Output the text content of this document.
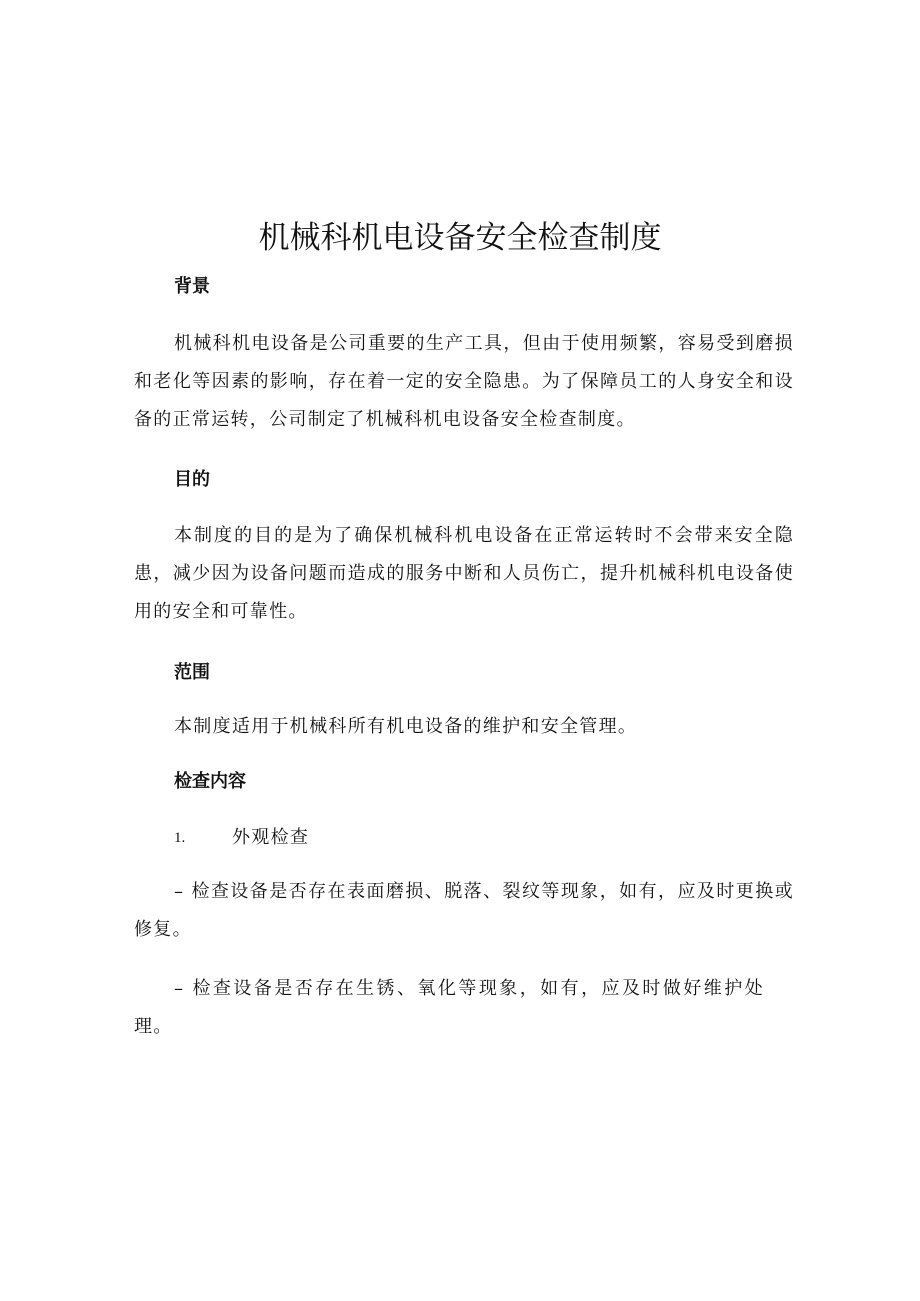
机械科机电设备安全检查制度
背景

机械科机电设备是公司重要的生产工具，但由于使用频繁，容易受到磨损和老化等因素的影响，存在着一定的安全隐患。为了保障员工的人身安全和设备的正常运转，公司制定了机械科机电设备安全检查制度。

目的

本制度的目的是为了确保机械科机电设备在正常运转时不会带来安全隐患，减少因为设备问题而造成的服务中断和人员伤亡，提升机械科机电设备使用的安全和可靠性。

范围

本制度适用于机械科所有机电设备的维护和安全管理。

检查内容
1.	外观检查

– 检查设备是否存在表面磨损、脱落、裂纹等现象，如有，应及时更换或修复。

– 检查设备是否存在生锈、氧化等现象，如有，应及时做好维护处理。
